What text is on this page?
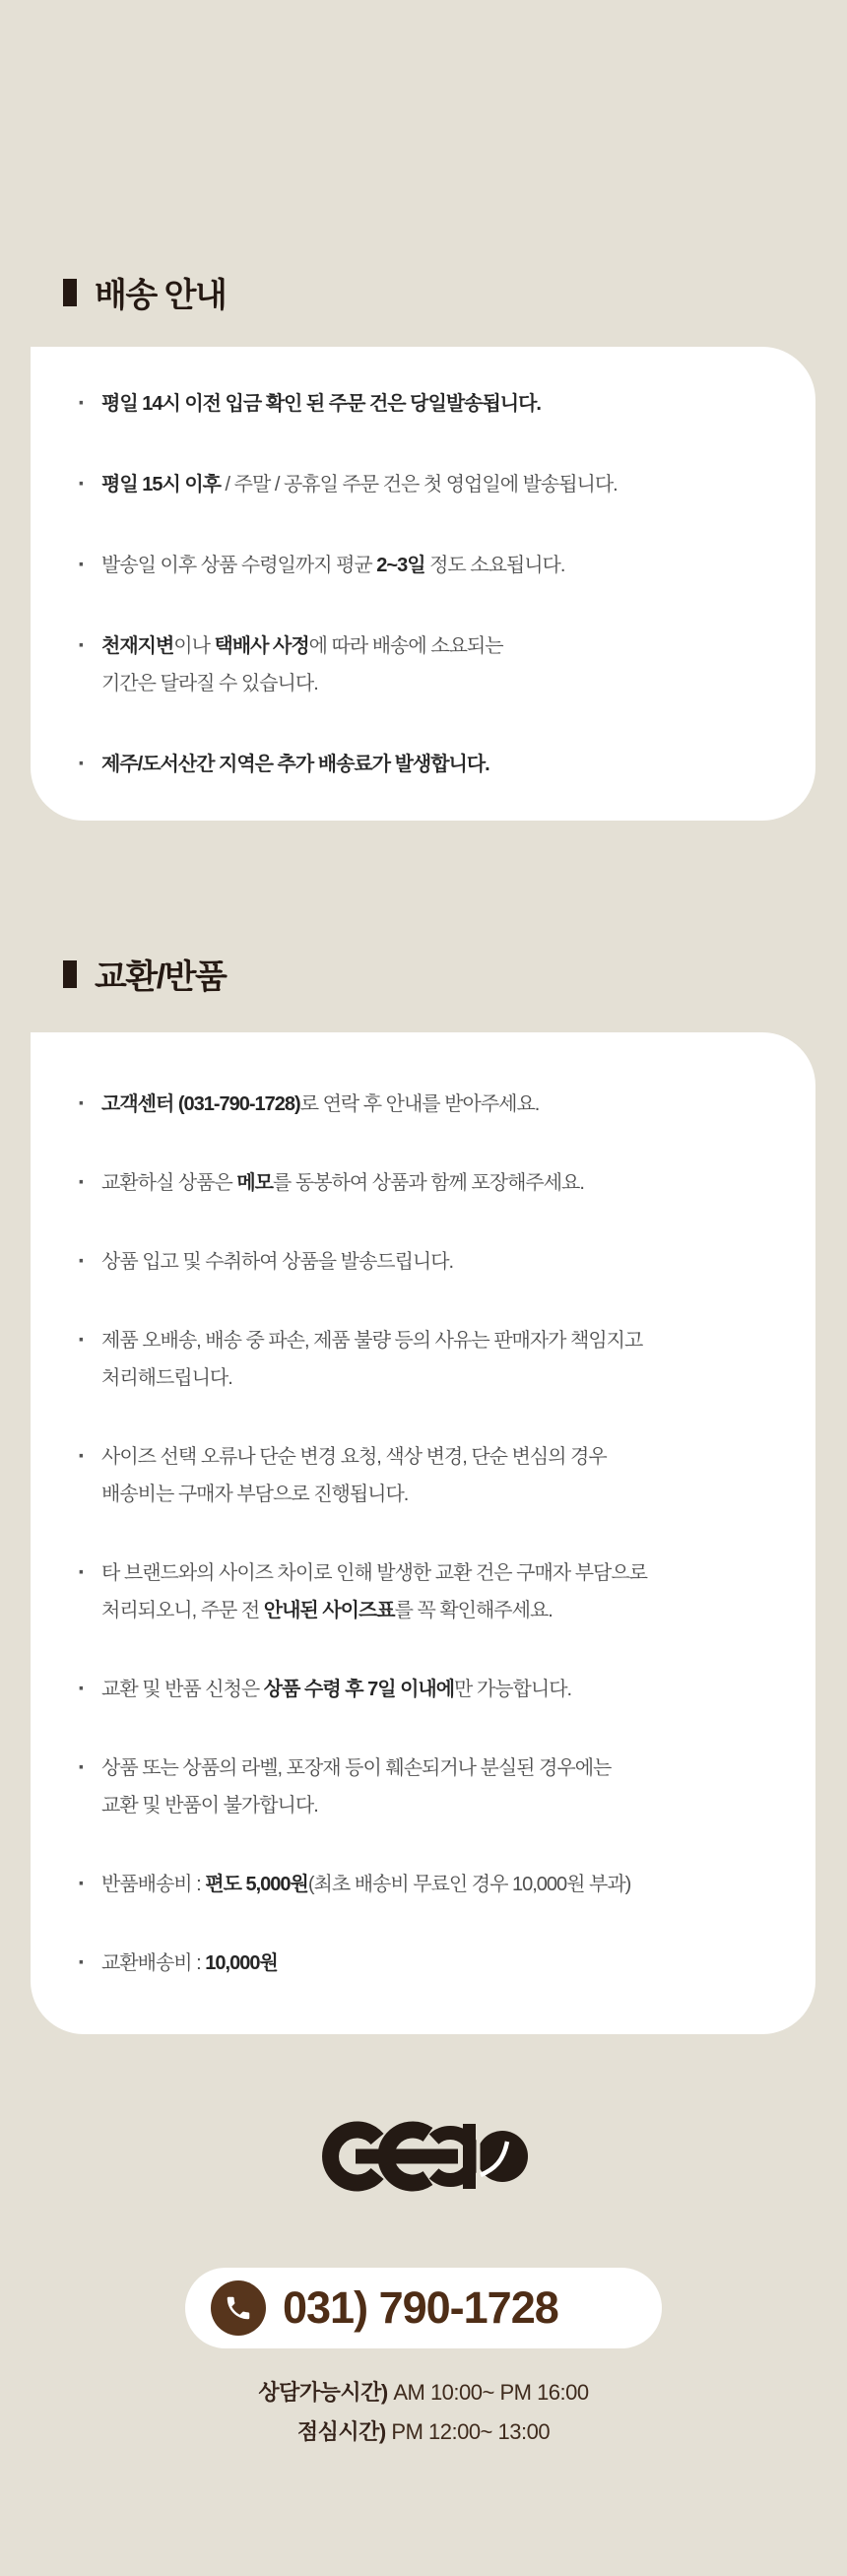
배송 안내
· 평일 14시 이전 입금 확인 된 주문 건은 당일발송됩니다.

· 평일 15시 이후 / 주말 / 공휴일 주문 건은 첫 영업일에 발송됩니다.

· 발송일 이후 상품 수령일까지 평균 2~3일 정도 소요됩니다.

· 천재지변이나 택배사 사정에 따라 배송에 소요되는
기간은 달라질 수 있습니다.

· 제주/도서산간 지역은 추가 배송료가 발생합니다.

교환/반품
· 고객센터 (031-790-1728)로 연락 후 안내를 받아주세요.

· 교환하실 상품은 메모를 동봉하여 상품과 함께 포장해주세요.

· 상품 입고 및 수취하여 상품을 발송드립니다.

· 제품 오배송, 배송 중 파손, 제품 불량 등의 사유는 판매자가 책임지고
처리해드립니다.

· 사이즈 선택 오류나 단순 변경 요청, 색상 변경, 단순 변심의 경우
배송비는 구매자 부담으로 진행됩니다.

· 타 브랜드와의 사이즈 차이로 인해 발생한 교환 건은 구매자 부담으로
처리되오니, 주문 전 안내된 사이즈표를 꼭 확인해주세요.

· 교환 및 반품 신청은 상품 수령 후 7일 이내에만 가능합니다.

· 상품 또는 상품의 라벨, 포장재 등이 훼손되거나 분실된 경우에는
교환 및 반품이 불가합니다.

· 반품배송비 : 편도 5,000원(최초 배송비 무료인 경우 10,000원 부과)

· 교환배송비 : 10,000원

031) 790-1728
상담가능시간) AM 10:00~ PM 16:00
점심시간) PM 12:00~ 13:00
